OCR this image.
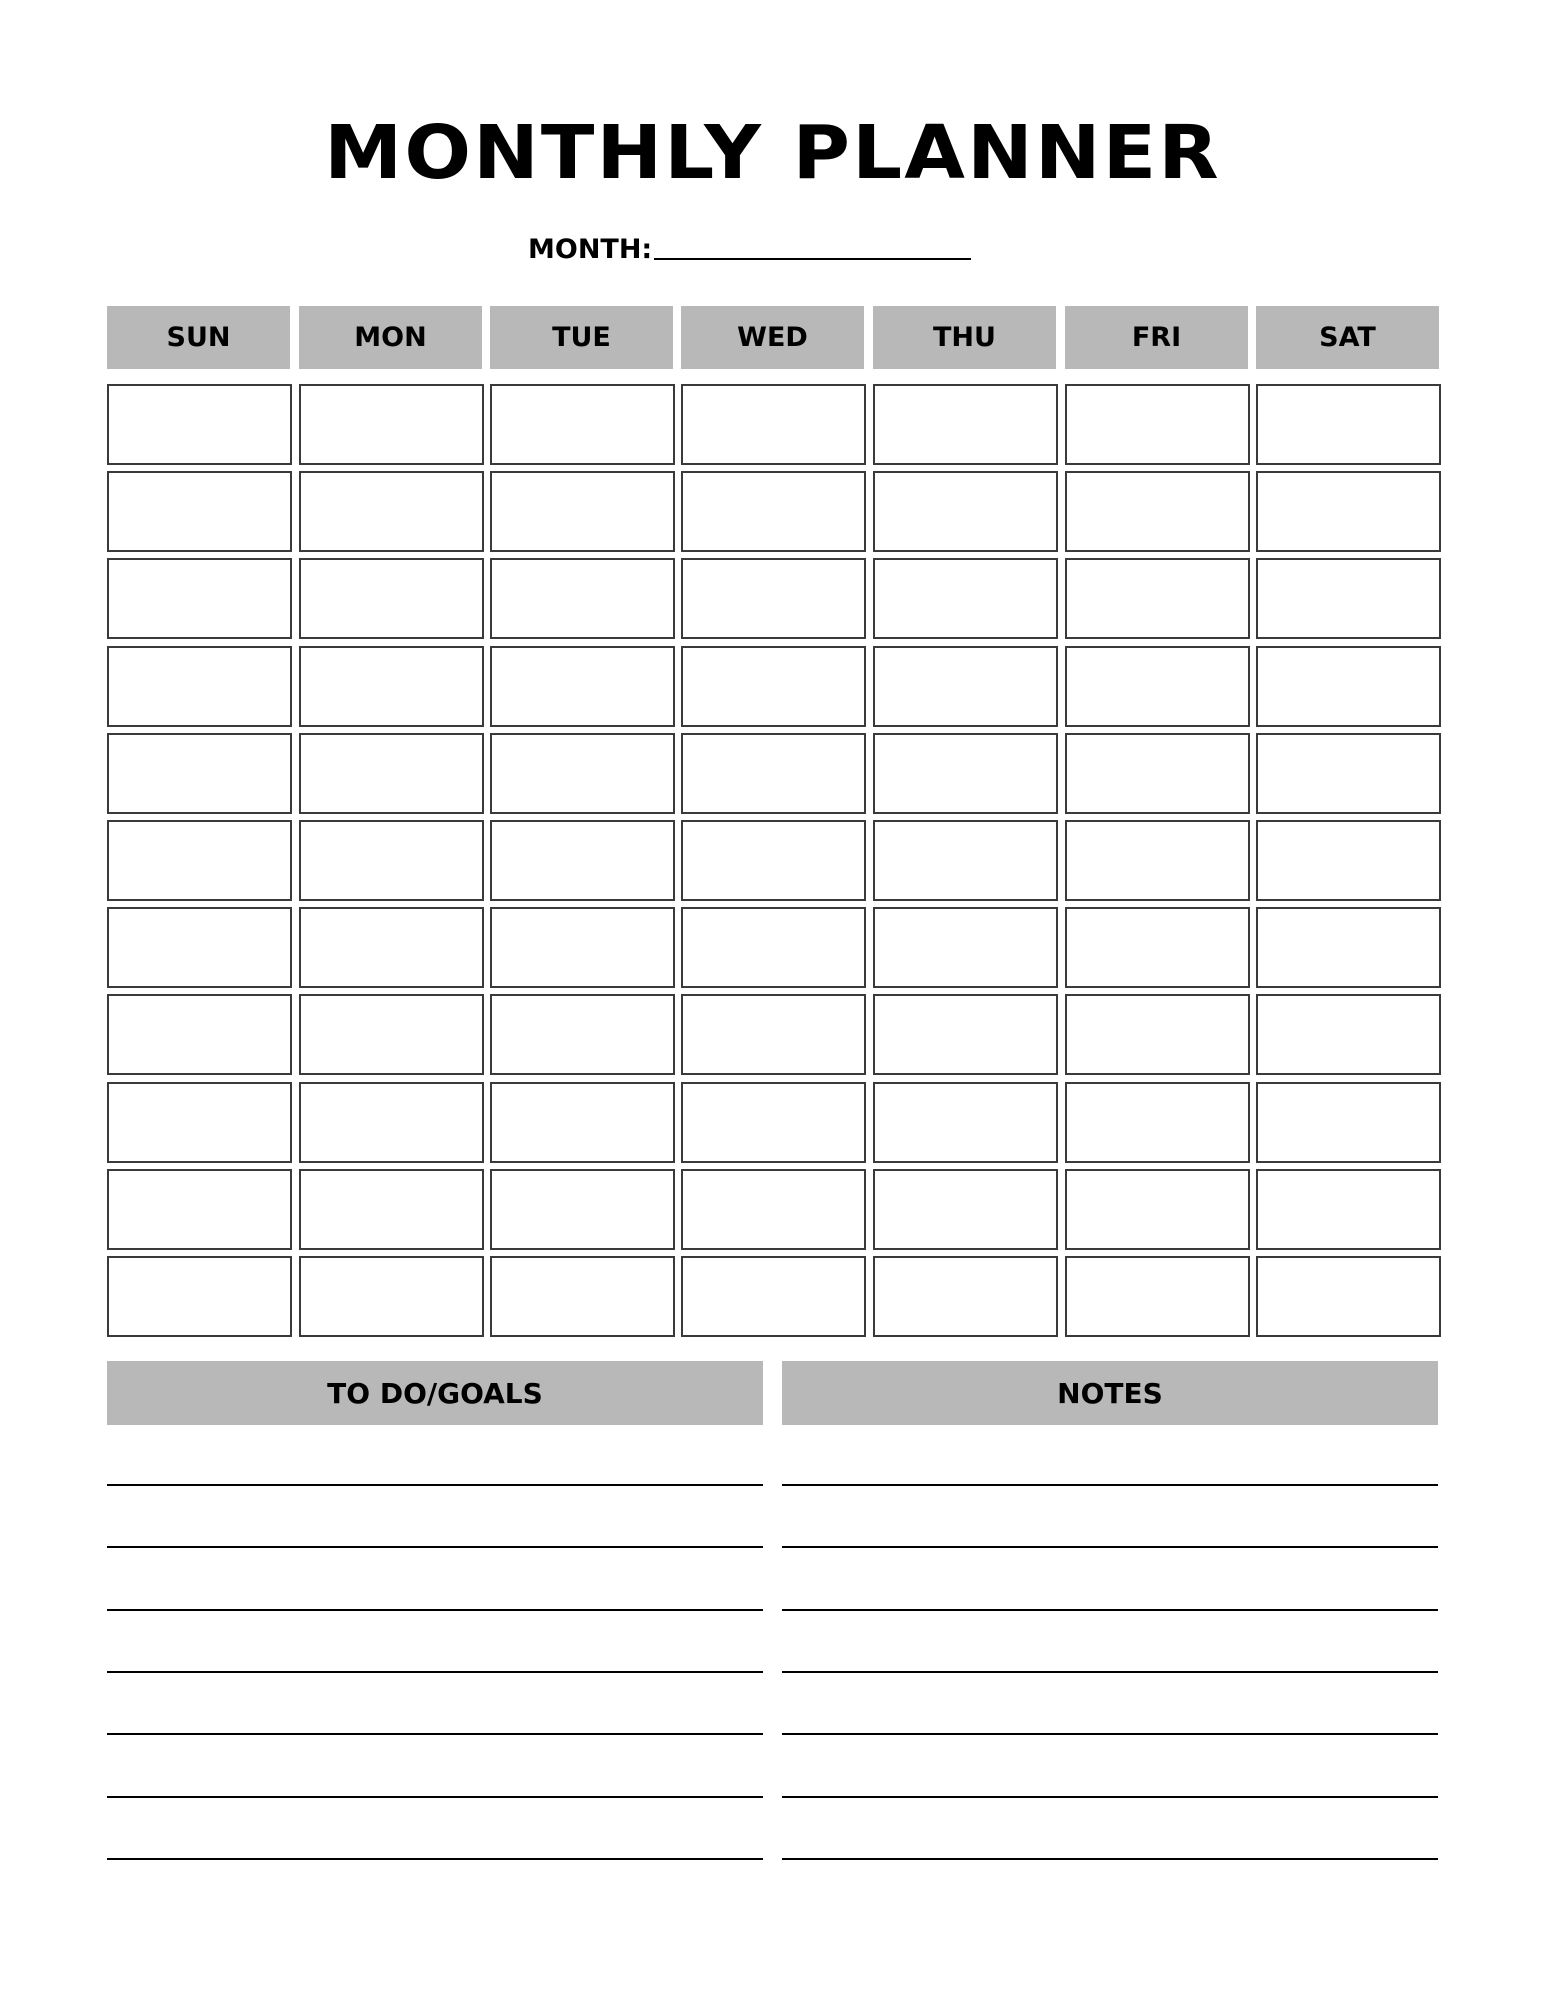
MONTHLY PLANNER
MONTH:
SUN	MON	TUE	WED	THU	FRI	SAT
TO DO/GOALS	NOTES
